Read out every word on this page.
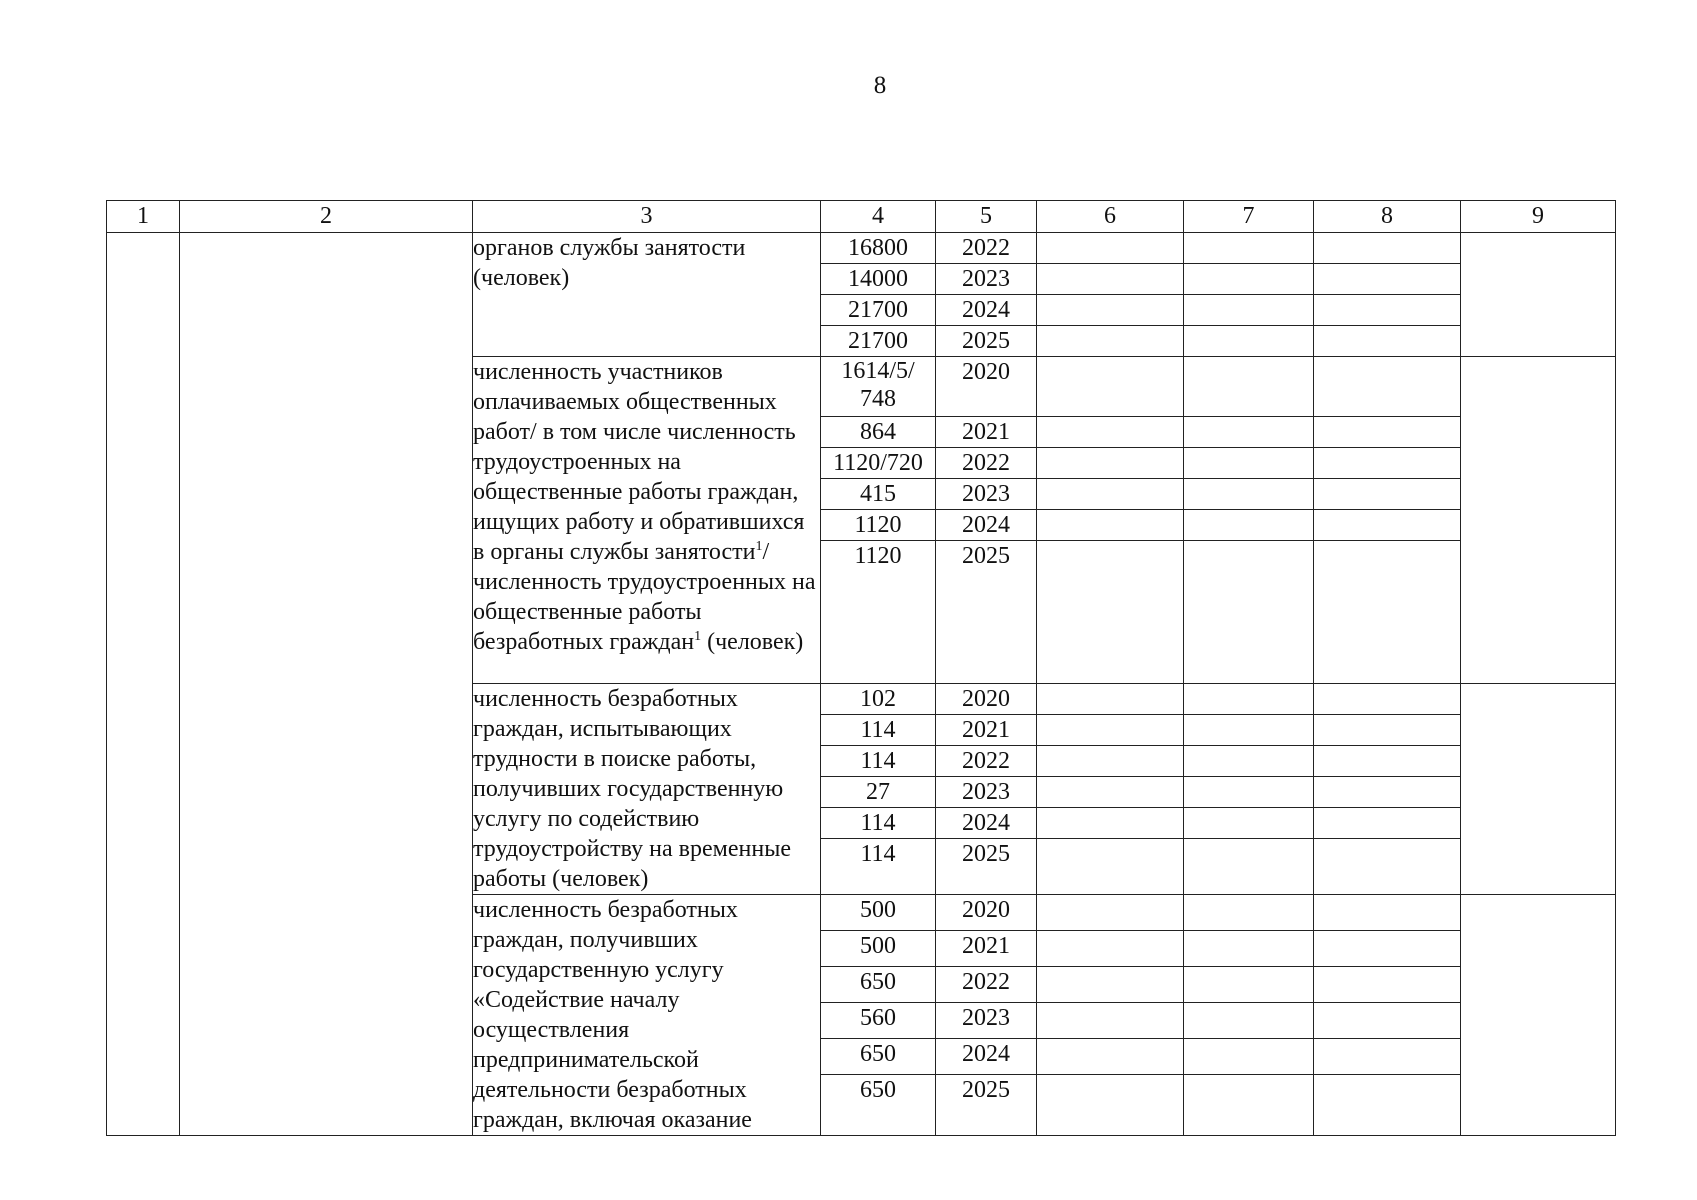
8
1	2	3	4	5	6	7	8	9

		органов службы занятости (человек)	16800	2022				
			14000	2023				
			21700	2024				
			21700	2025				

		численность участников оплачиваемых общественных работ/ в том числе численность трудоустроенных на общественные работы граждан, ищущих работу и обратившихся в органы службы занятости$^1$/ численность трудоустроенных на общественные работы безработных граждан$^1$ (человек)	1614/5/ 748	2020				
			864	2021				
			1120/720	2022				
			415	2023				
			1120	2024				
			1120	2025				

		численность безработных граждан, испытывающих трудности в поиске работы, получивших государственную услугу по содействию трудоустройству на временные работы (человек)	102	2020				
			114	2021				
			114	2022				
			27	2023				
			114	2024				
			114	2025				

		численность безработных граждан, получивших государственную услугу «Содействие началу осуществления предпринимательской деятельности безработных граждан, включая оказание	500	2020				
			500	2021				
			650	2022				
			560	2023				
			650	2024				
			650	2025				
